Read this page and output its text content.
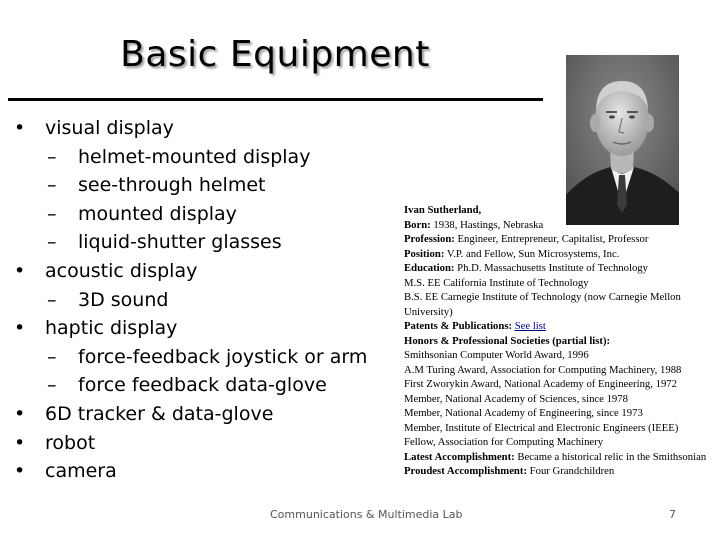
Basic Equipment
• visual display
– helmet-mounted display
– see-through helmet
– mounted display
– liquid-shutter glasses
• acoustic display
– 3D sound
• haptic display
– force-feedback joystick or arm
– force feedback data-glove
• 6D tracker & data-glove
• robot
• camera
Ivan Sutherland,
Born: 1938, Hastings, Nebraska
Profession: Engineer, Entrepreneur, Capitalist, Professor
Position: V.P. and Fellow, Sun Microsystems, Inc.
Education: Ph.D. Massachusetts Institute of Technology
M.S. EE California Institute of Technology
B.S. EE Carnegie Institute of Technology (now Carnegie Mellon University)
Patents & Publications: See list
Honors & Professional Societies (partial list):
Smithsonian Computer World Award, 1996
A.M Turing Award, Association for Computing Machinery, 1988
First Zworykin Award, National Academy of Engineering, 1972
Member, National Academy of Sciences, since 1978
Member, National Academy of Engineering, since 1973
Member, Institute of Electrical and Electronic Engineers (IEEE)
Fellow, Association for Computing Machinery
Latest Accomplishment: Became a historical relic in the Smithsonian
Proudest Accomplishment: Four Grandchildren
Communications & Multimedia Lab	7
